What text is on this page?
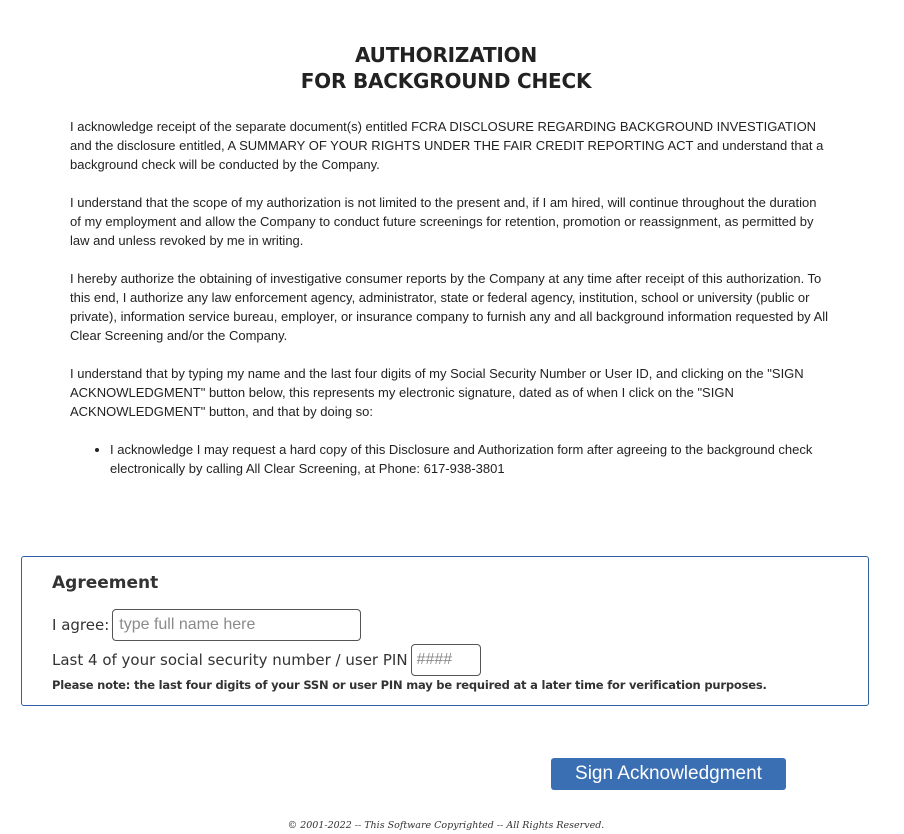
AUTHORIZATION
FOR BACKGROUND CHECK

I acknowledge receipt of the separate document(s) entitled FCRA DISCLOSURE REGARDING BACKGROUND INVESTIGATION and the disclosure entitled, A SUMMARY OF YOUR RIGHTS UNDER THE FAIR CREDIT REPORTING ACT and understand that a background check will be conducted by the Company.

I understand that the scope of my authorization is not limited to the present and, if I am hired, will continue throughout the duration of my employment and allow the Company to conduct future screenings for retention, promotion or reassignment, as permitted by law and unless revoked by me in writing.

I hereby authorize the obtaining of investigative consumer reports by the Company at any time after receipt of this authorization. To this end, I authorize any law enforcement agency, administrator, state or federal agency, institution, school or university (public or private), information service bureau, employer, or insurance company to furnish any and all background information requested by All Clear Screening and/or the Company.

I understand that by typing my name and the last four digits of my Social Security Number or User ID, and clicking on the "SIGN ACKNOWLEDGMENT" button below, this represents my electronic signature, dated as of when I click on the "SIGN ACKNOWLEDGMENT" button, and that by doing so:

• I acknowledge I may request a hard copy of this Disclosure and Authorization form after agreeing to the background check electronically by calling All Clear Screening, at Phone: 617-938-3801
Agreement
I agree:
type full name here
Last 4 of your social security number / user PIN
####
Please note: the last four digits of your SSN or user PIN may be required at a later time for verification purposes.
Sign Acknowledgment
© 2001-2022 -- This Software Copyrighted -- All Rights Reserved.
